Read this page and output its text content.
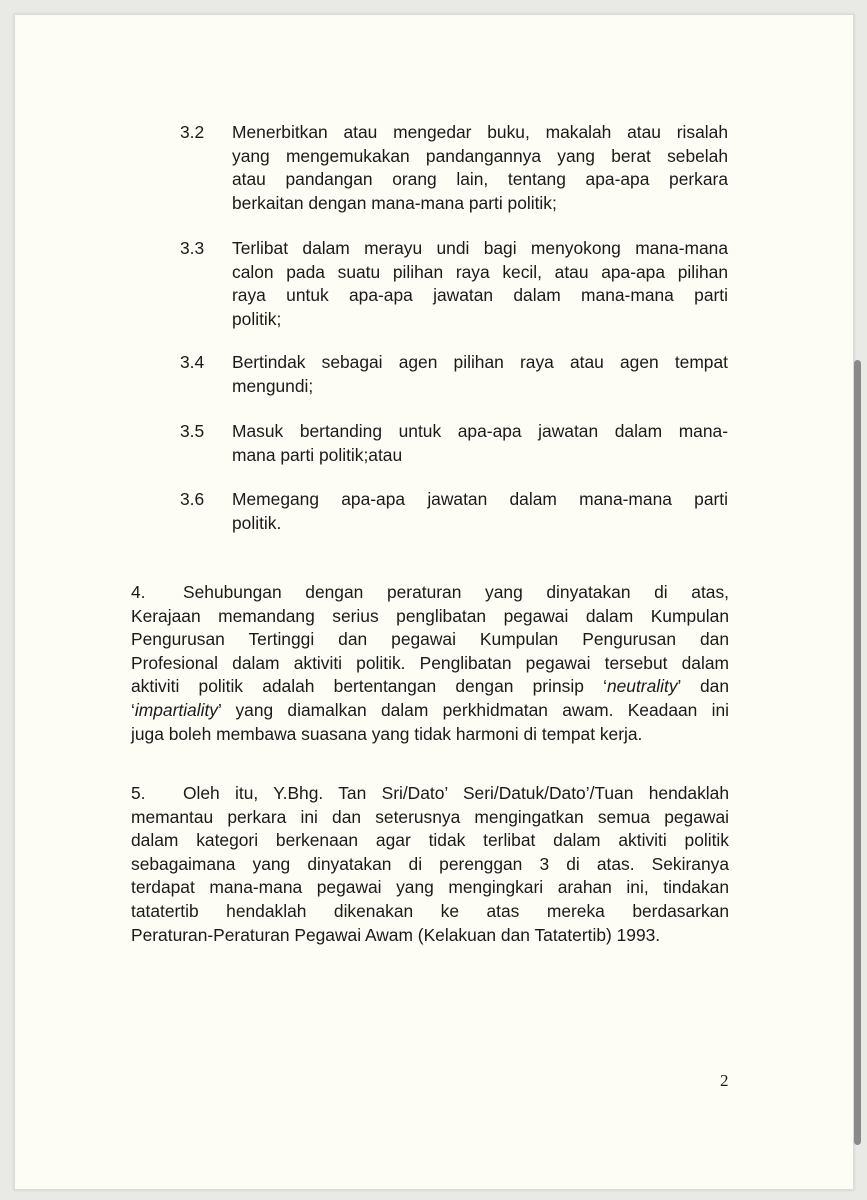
3.2	Menerbitkan atau mengedar buku, makalah atau risalah
yang mengemukakan pandangannya yang berat sebelah
atau pandangan orang lain, tentang apa-apa perkara
berkaitan dengan mana-mana parti politik;
3.3	Terlibat dalam merayu undi bagi menyokong mana-mana
calon pada suatu pilihan raya kecil, atau apa-apa pilihan
raya untuk apa-apa jawatan dalam mana-mana parti
politik;
3.4	Bertindak sebagai agen pilihan raya atau agen tempat
mengundi;
3.5	Masuk bertanding untuk apa-apa jawatan dalam mana-
mana parti politik;atau
3.6	Memegang apa-apa jawatan dalam mana-mana parti
politik.
4. Sehubungan dengan peraturan yang dinyatakan di atas,
Kerajaan memandang serius penglibatan pegawai dalam Kumpulan
Pengurusan Tertinggi dan pegawai Kumpulan Pengurusan dan
Profesional dalam aktiviti politik. Penglibatan pegawai tersebut dalam
aktiviti politik adalah bertentangan dengan prinsip ‘neutrality’ dan
‘impartiality’ yang diamalkan dalam perkhidmatan awam. Keadaan ini
juga boleh membawa suasana yang tidak harmoni di tempat kerja.
5. Oleh itu, Y.Bhg. Tan Sri/Dato’ Seri/Datuk/Dato’/Tuan hendaklah
memantau perkara ini dan seterusnya mengingatkan semua pegawai
dalam kategori berkenaan agar tidak terlibat dalam aktiviti politik
sebagaimana yang dinyatakan di perenggan 3 di atas. Sekiranya
terdapat mana-mana pegawai yang mengingkari arahan ini, tindakan
tatatertib hendaklah dikenakan ke atas mereka berdasarkan
Peraturan-Peraturan Pegawai Awam (Kelakuan dan Tatatertib) 1993.
2
